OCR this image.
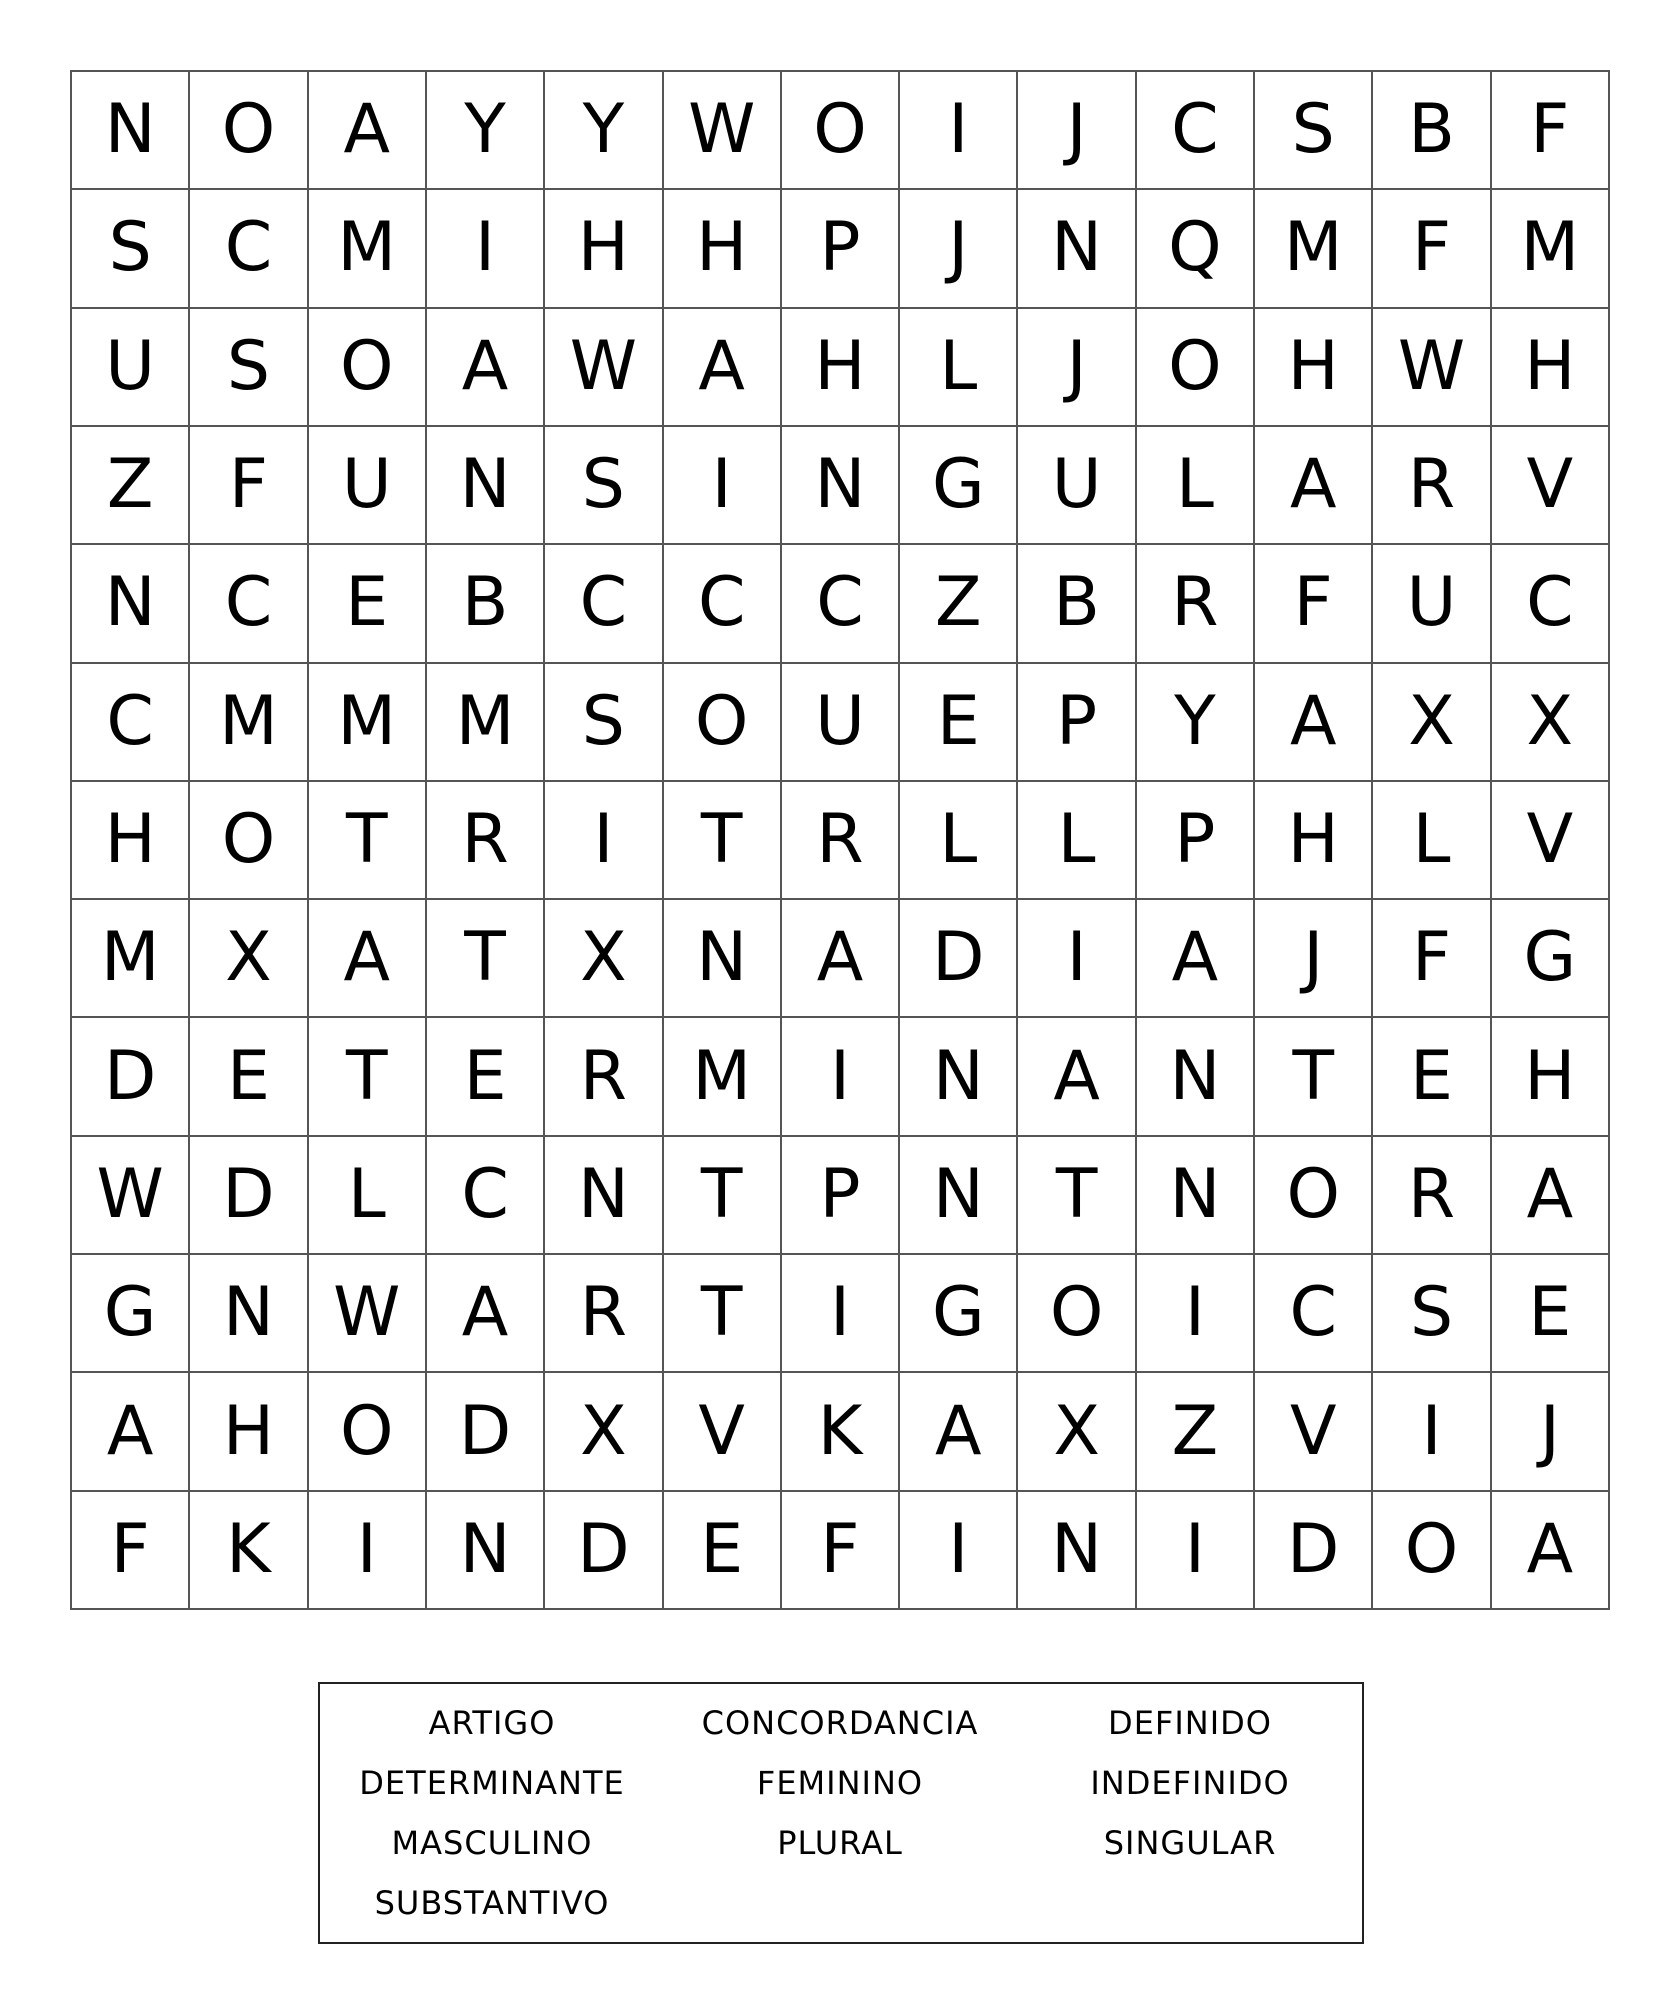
N O	A	Y	Y W O	I	J	C	S	B	F
S	C M	I	H H	P	J	N Q M	F	M
U	S	O	A W A	H	L	J	O H W H
Z	F	U N	S	I	N G U	L	A	R	V
N	C	E	B	C	C	C	Z	B	R	F	U	C
C M M M S	O U	E	P	Y	A	X	X
H O	T	R	I	T	R	L	L	P	H	L	V
M X	A	T	X	N	A	D	I	A	J	F	G
D	E	T	E	R M	I	N	A	N	T	E	H
W D	L	C	N	T	P	N	T	N O R	A
G N W A	R	T	I	G O	I	C	S	E
A	H O D	X	V	K	A	X	Z	V	I	J
F	K	I	N D	E	F	I	N	I	D O	A
ARTIGO	CONCORDANCIA	DEFINIDO
DETERMINANTE	FEMININO	INDEFINIDO
MASCULINO	PLURAL	SINGULAR
SUBSTANTIVO
